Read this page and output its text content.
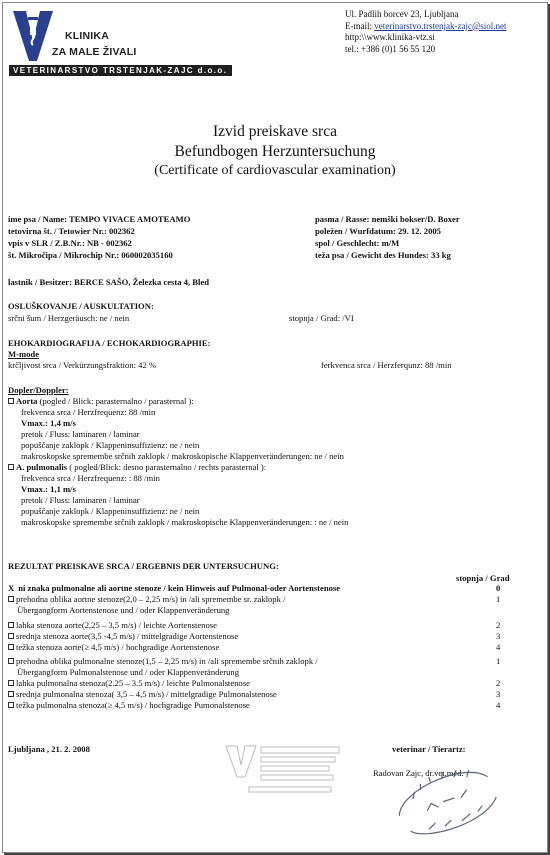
KLINIKA
ZA MALE ŽIVALI
VETERINARSTVO TRSTENJAK-ZAJC d.o.o.
Ul. Padlih borcev 23, Ljubljana
E-mail: veterinarstvo.trstenjak-zajc@siol.net
http:\\www.klinika-vtz.si
tel.: +386 (0)1 56 55 120
Izvid preiskave srca
Befundbogen Herzuntersuchung
(Certificate of cardiovascular examination)
ime psa / Name: TEMPO VIVACE AMOTEAMO
tetovirna št. / Tetowier Nr.: 002362
vpis v SLR / Z.B.Nr.: NB - 002362
št. Mikročipa / Mikrochip Nr.: 060002035160
pasma / Rasse: nemški bokser/D. Boxer
poležen / Wurfdatum: 29. 12. 2005
spol / Geschlecht: m/M
teža psa / Gewicht des Hundes: 33 kg
lastnik / Besitzer: BERCE SAŠO, Železka cesta 4, Bled
OSLUŠKOVANJE / AUSKULTATION:
srčni šum / Herzgeräusch: ne / nein	stopnja / Grad: /VI
EHOKARDIOGRAFIJA / ECHOKARDIOGRAPHIE:
M-mode
krčljivost srca / Verkürzungsfraktion: 42 %	ferkvenca srca / Herzferqunz: 88 /min
Dopler/Doppler:
Aorta (pogled / Blick: parasternalno / parasternal ):
frekvenca srca / Herzfrequenz: 88 /min
Vmax.: 1,4 m/s
pretok / Fluss: laminaren / laminar
popuščanje zaklopk / Klappeninsuffizienz: ne / nein
makroskopske spremembe srčnih zaklopk / makroskopische Klappenveränderungen: ne / nein
A. pulmonalis ( pogled/Blick: desno parasternalno / rechts parasternal ):
frekvenca srca / Herzfrequenz: : 88 /min
Vmax.: 1,1 m/s
pretok / Fluss: laminaren / laminar
popuščanje zaklopk / Klappeninsuffizienz: ne / nein
makroskopske spremembe srčnih zaklopk / makroskopische Klappenveränderungen: : ne / nein
REZULTAT PREISKAVE SRCA / ERGEBNIS DER UNTERSUCHUNG:
stopnja / Grad
Ljubljana , 21. 2. 2008	veterinar / Tierartz:
Radovan Zajc, dr.vet.med.
X ni znaka pulmonalne ali aortne stenoze / kein Hinweis auf Pulmonal-oder Aortenstenose	0
prehodna oblika aortne stenoze(2,0 – 2,25 m/s) in /ali spremembe sr. zaklopk /
Übergangform Aortenstenose und / oder Klappenveränderung
1
lahka stenoza aorte(2,25 – 3,5 m/s) / leichte Aortenstenose	2
srednja stenoza aorte(3,5 -4,5 m/s) / mittelgradige Aortenstenose	3
težka stenoza aorte(≥ 4,5 m/s) / hochgradige Aortenstenose	4
prehodna oblika pulmonalne stenoze(1,5 – 2,25 m/s) in /ali spremembe srčnih zaklopk /
Übergangform Pulmonalstenose und / oder Klappenveränderung
1
lahka pulmonalna stenoza(2.25 – 3.5 m/s) / leichte Pulmonalstenose	2
srednja pulmonalna stenoza( 3,5 – 4,5 m/s) / mittelgradige Pulmonalstenose	3
težka pulmonalna stenoza(≥ 4,5 m/s) / hochgradige Pumonalstenose	4
